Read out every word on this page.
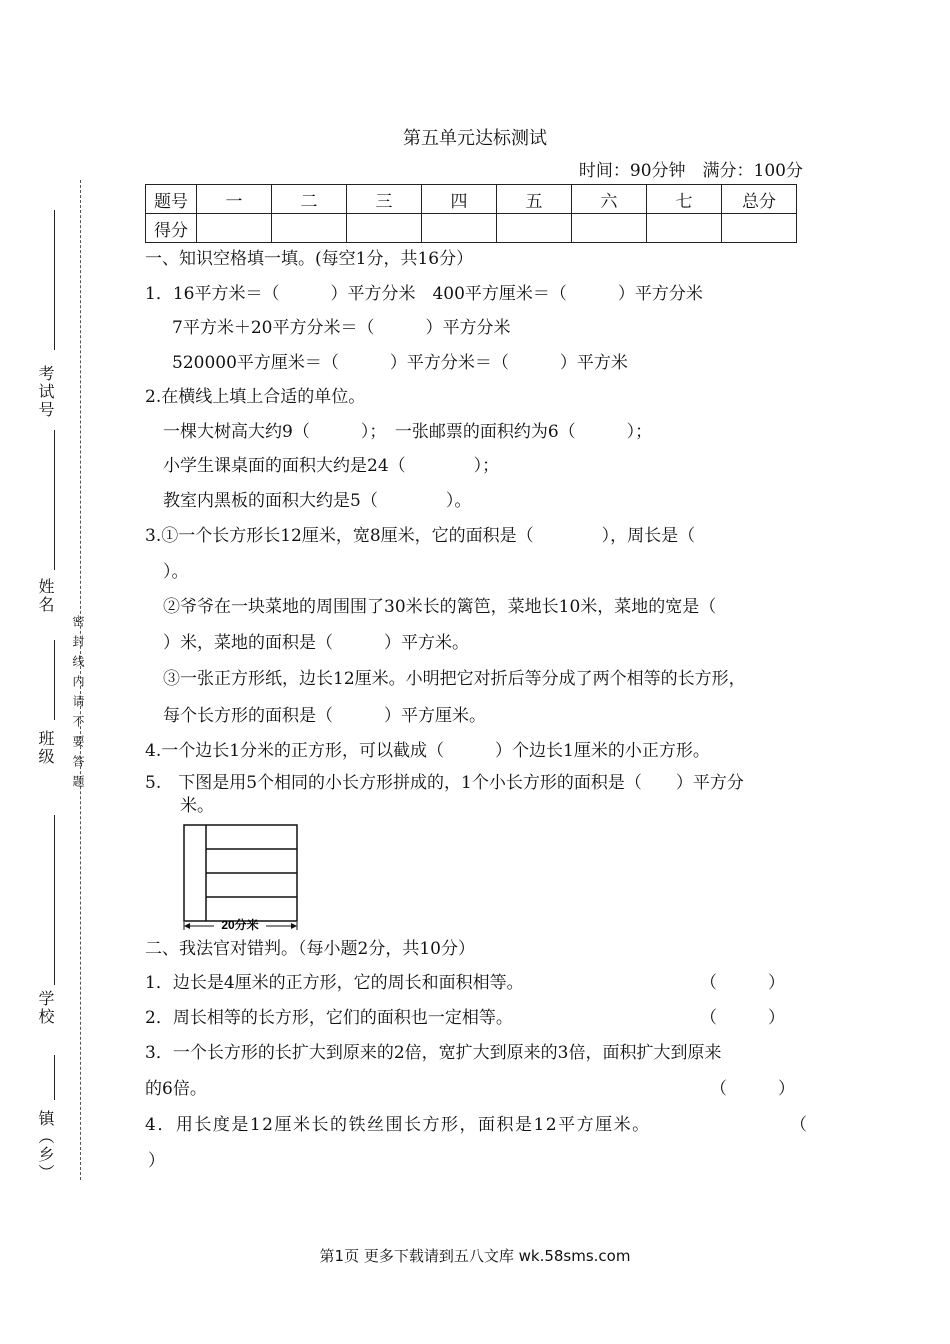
第五单元达标测试
时间：90分钟　满分：100分
题号	一	二	三	四	五	六	七	总分
得分								
考试号
姓名
班级
学校
镇（乡）
密封线内请不要答题
一、知识空格填一填。(每空1分，共16分）
1．16平方米＝（　　　）平方分米　400平方厘米＝（　　　）平方分米
7平方米＋20平方分米＝（　　　）平方分米
520000平方厘米＝（　　　）平方分米＝（　　　）平方米
2.在横线上填上合适的单位。
一棵大树高大约9（　　　）；　一张邮票的面积约为6（　　　）；
小学生课桌面的面积大约是24（　　　　）；
教室内黑板的面积大约是5（　　　　）。
3.①一个长方形长12厘米，宽8厘米，它的面积是（　　　　），周长是（
）。
②爷爷在一块菜地的周围围了30米长的篱笆，菜地长10米，菜地的宽是（
）米，菜地的面积是（　　　）平方米。
③一张正方形纸，边长12厘米。小明把它对折后等分成了两个相等的长方形，
每个长方形的面积是（　　　）平方厘米。
4.一个边长1分米的正方形，可以截成（　　　）个边长1厘米的小正方形。
5.　下图是用5个相同的小长方形拼成的，1个小长方形的面积是（　　）平方分
米。
20分米
二、我法官对错判。（每小题2分，共10分）
1．边长是4厘米的正方形，它的周长和面积相等。	（　　　）
2．周长相等的长方形，它们的面积也一定相等。	（　　　）
3．一个长方形的长扩大到原来的2倍，宽扩大到原来的3倍，面积扩大到原来
的6倍。	（　　　）
4．用长度是12厘米长的铁丝围长方形，面积是12平方厘米。	（
）
第1页 更多下载请到五八文库 wk.58sms.com
